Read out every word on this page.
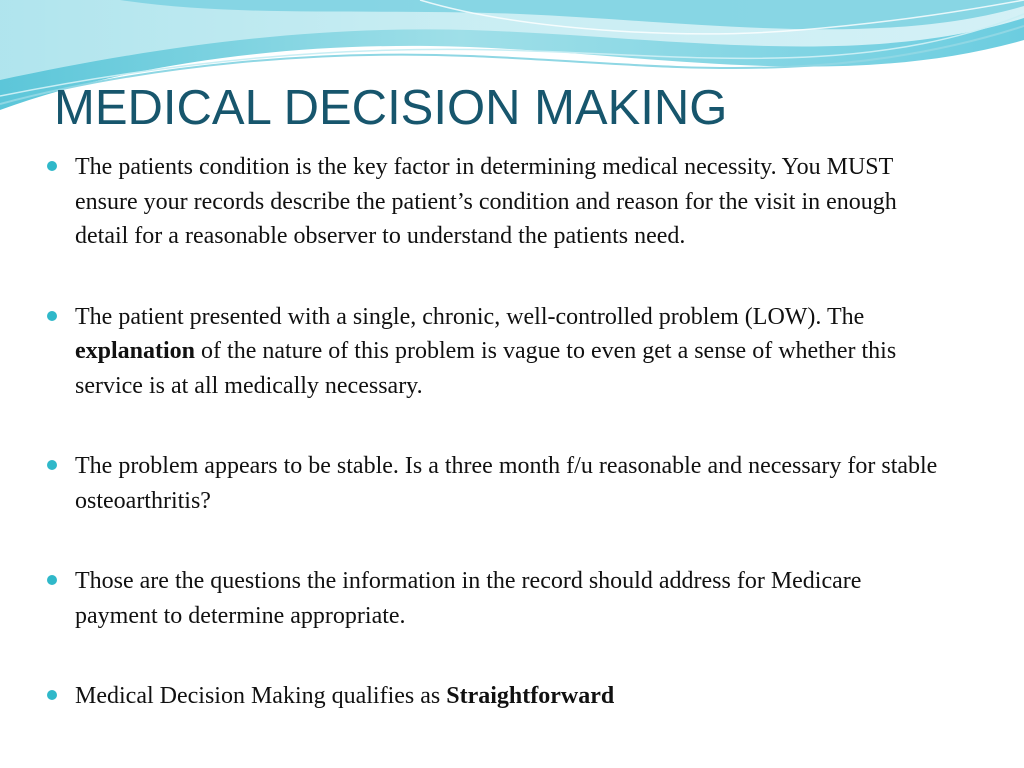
MEDICAL DECISION MAKING
The patients condition is the key factor in determining medical necessity. You MUST ensure your records describe the patient’s condition and reason for the visit in enough detail for a reasonable observer to understand the patients need.
The patient presented with a single, chronic, well-controlled problem (LOW). The explanation of the nature of this problem is vague to even get a sense of whether this service is at all medically necessary.
The problem appears to be stable. Is a three month f/u reasonable and necessary for stable osteoarthritis?
Those are the questions the information in the record should address for Medicare payment to determine appropriate.
Medical Decision Making qualifies as Straightforward
